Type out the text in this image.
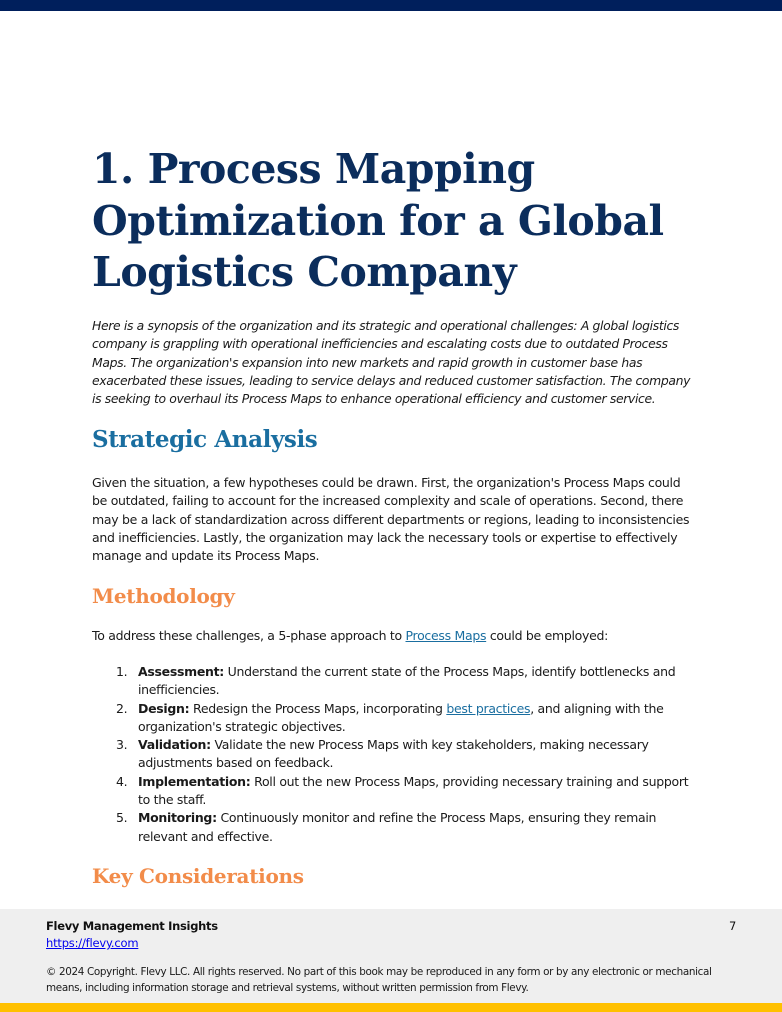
1. Process Mapping Optimization for a Global Logistics Company

Here is a synopsis of the organization and its strategic and operational challenges: A global logistics company is grappling with operational inefficiencies and escalating costs due to outdated Process Maps. The organization's expansion into new markets and rapid growth in customer base has exacerbated these issues, leading to service delays and reduced customer satisfaction. The company is seeking to overhaul its Process Maps to enhance operational efficiency and customer service.

Strategic Analysis

Given the situation, a few hypotheses could be drawn. First, the organization's Process Maps could be outdated, failing to account for the increased complexity and scale of operations. Second, there may be a lack of standardization across different departments or regions, leading to inconsistencies and inefficiencies. Lastly, the organization may lack the necessary tools or expertise to effectively manage and update its Process Maps.

Methodology

To address these challenges, a 5-phase approach to Process Maps could be employed:

1. Assessment: Understand the current state of the Process Maps, identify bottlenecks and inefficiencies.
2. Design: Redesign the Process Maps, incorporating best practices, and aligning with the organization's strategic objectives.
3. Validation: Validate the new Process Maps with key stakeholders, making necessary adjustments based on feedback.
4. Implementation: Roll out the new Process Maps, providing necessary training and support to the staff.
5. Monitoring: Continuously monitor and refine the Process Maps, ensuring they remain relevant and effective.
Key Considerations
Flevy Management Insights
https://flevy.com
7
© 2024 Copyright. Flevy LLC. All rights reserved. No part of this book may be reproduced in any form or by any electronic or mechanical means, including information storage and retrieval systems, without written permission from Flevy.
